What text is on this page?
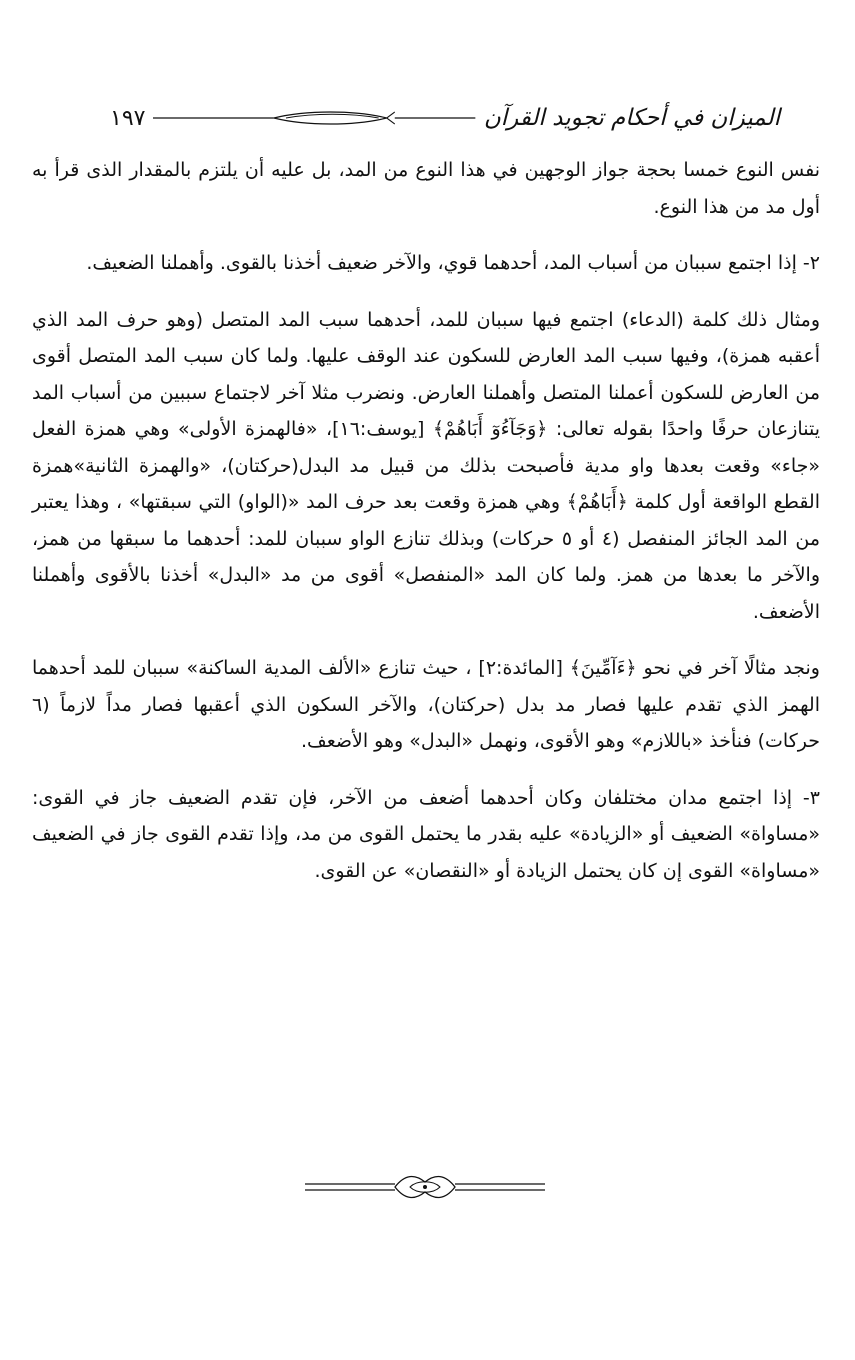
الميزان في أحكام تجويد القرآن
١٩٧

نفس النوع خمسا بحجة جواز الوجهين في هذا النوع من المد، بل عليه أن يلتزم بالمقدار الذى قرأ به أول مد من هذا النوع.

٢- إذا اجتمع سببان من أسباب المد، أحدهما قوي، والآخر ضعيف أخذنا بالقوى. وأهملنا الضعيف.

ومثال ذلك كلمة (الدعاء) اجتمع فيها سببان للمد، أحدهما سبب المد المتصل (وهو حرف المد الذي أعقبه همزة)، وفيها سبب المد العارض للسكون عند الوقف عليها. ولما كان سبب المد المتصل أقوى من العارض للسكون أعملنا المتصل وأهملنا العارض. ونضرب مثلا آخر لاجتماع سببين من أسباب المد يتنازعان حرفًا واحدًا بقوله تعالى: ﴿وَجَآءُوٓ أَبَاهُمْ﴾ [يوسف:١٦]، «فالهمزة الأولى» وهي همزة الفعل «جاء» وقعت بعدها واو مدية فأصبحت بذلك من قبيل مد البدل(حركتان)، «والهمزة الثانية»همزة القطع الواقعة أول كلمة ﴿أَبَاهُمْ﴾ وهي همزة وقعت بعد حرف المد «(الواو) التي سبقتها» ، وهذا يعتبر من المد الجائز المنفصل (٤ أو ٥ حركات) وبذلك تنازع الواو سببان للمد: أحدهما ما سبقها من همز، والآخر ما بعدها من همز. ولما كان المد «المنفصل» أقوى من مد «البدل» أخذنا بالأقوى وأهملنا الأضعف.

ونجد مثالًا آخر في نحو ﴿ءَآمِّينَ﴾ [المائدة:٢] ، حيث تنازع «الألف المدية الساكنة» سببان للمد أحدهما الهمز الذي تقدم عليها فصار مد بدل (حركتان)، والآخر السكون الذي أعقبها فصار مداً لازماً (٦ حركات) فنأخذ «باللازم» وهو الأقوى، ونهمل «البدل» وهو الأضعف.

٣- إذا اجتمع مدان مختلفان وكان أحدهما أضعف من الآخر، فإن تقدم الضعيف جاز في القوى: «مساواة» الضعيف أو «الزيادة» عليه بقدر ما يحتمل القوى من مد، وإذا تقدم القوى جاز في الضعيف «مساواة» القوى إن كان يحتمل الزيادة أو «النقصان» عن القوى.
